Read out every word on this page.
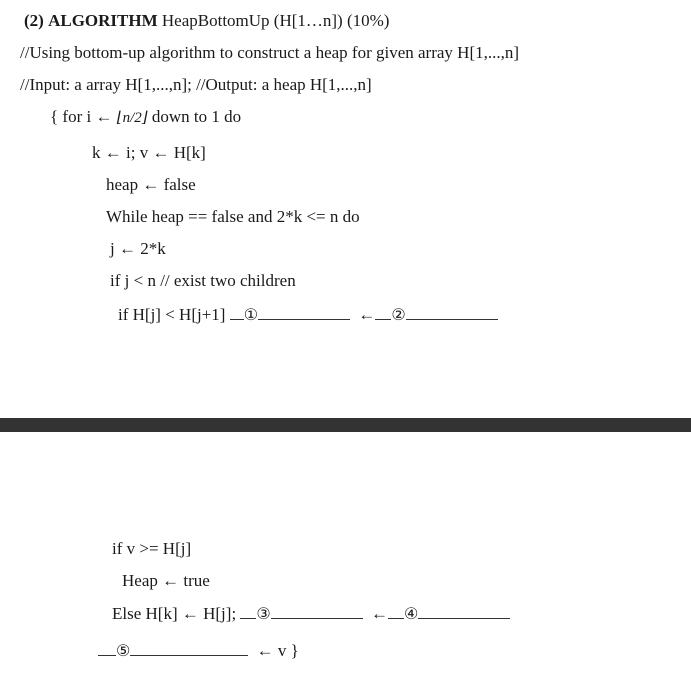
(2) ALGORITHM HeapBottomUp (H[1…n]) (10%)
//Using bottom-up algorithm to construct a heap for given array H[1,...,n]
//Input: a array H[1,...,n]; //Output: a heap H[1,...,n]
{ for i ← ⌊n/2⌋ down to 1 do
k ← i; v ← H[k]
heap ← false
While heap == false and 2*k <= n do
j ← 2*k
if j < n // exist two children
if H[j] < H[j+1] ①	← ②
if v >= H[j]
Heap ← true
Else H[k] ← H[j]; ③	← ④
⑤	← v }
